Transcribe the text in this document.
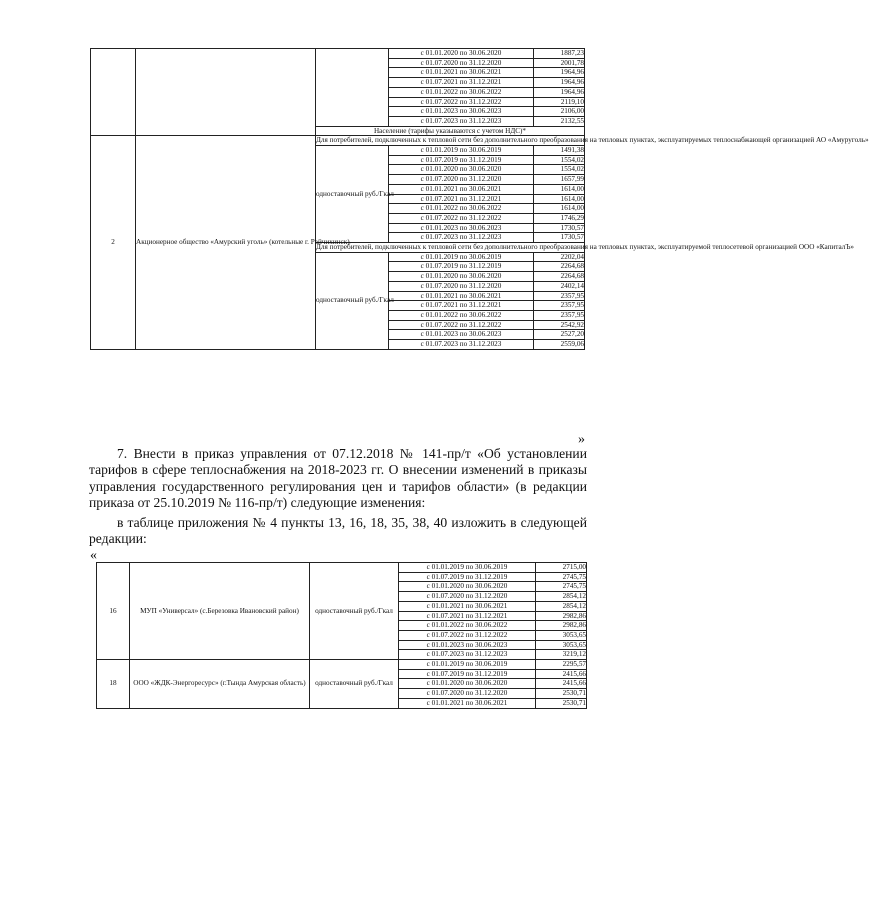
			с 01.01.2020 по 30.06.2020	1887,23
			с 01.07.2020 по 31.12.2020	2001,78
			с 01.01.2021 по 30.06.2021	1964,96
			с 01.07.2021 по 31.12.2021	1964,96
			с 01.01.2022 по 30.06.2022	1964,96
			с 01.07.2022 по 31.12.2022	2119,10
			с 01.01.2023 по 30.06.2023	2106,00
			с 01.07.2023 по 31.12.2023	2132,55
		Население (тарифы указываются с учетом НДС)*		
2	Акционерное общество «Амурский уголь» (котельные г. Райчихинск)	Для потребителей, подключенных к тепловой сети без дополнительного преобразования на тепловых пунктах, эксплуатируемых теплоснабжающей организацией АО «Амуруголь»		
		одноставочный руб./Гкал	с 01.01.2019 по 30.06.2019	1491,38
			с 01.07.2019 по 31.12.2019	1554,02
			с 01.01.2020 по 30.06.2020	1554,02
			с 01.07.2020 по 31.12.2020	1657,99
			с 01.01.2021 по 30.06.2021	1614,00
			с 01.07.2021 по 31.12.2021	1614,00
			с 01.01.2022 по 30.06.2022	1614,00
			с 01.07.2022 по 31.12.2022	1746,29
			с 01.01.2023 по 30.06.2023	1730,57
			с 01.07.2023 по 31.12.2023	1730,57
		Для потребителей, подключенных к тепловой сети без дополнительного преобразования на тепловых пунктах, эксплуатируемой теплосетевой организацией ООО «КапиталЪ»		
		одноставочный руб./Гкал	с 01.01.2019 по 30.06.2019	2202,04
			с 01.07.2019 по 31.12.2019	2264,68
			с 01.01.2020 по 30.06.2020	2264,68
			с 01.07.2020 по 31.12.2020	2402,14
			с 01.01.2021 по 30.06.2021	2357,95
			с 01.07.2021 по 31.12.2021	2357,95
			с 01.01.2022 по 30.06.2022	2357,95
			с 01.07.2022 по 31.12.2022	2542,92
			с 01.01.2023 по 30.06.2023	2527,20
			с 01.07.2023 по 31.12.2023	2559,06
»
7. Внести в приказ управления от 07.12.2018 № 141-пр/т «Об установлении тарифов в сфере теплоснабжения на 2018-2023 гг. О внесении изменений в приказы управления государственного регулирования цен и тарифов области» (в редакции приказа от 25.10.2019 № 116-пр/т) следующие изменения:
в таблице приложения № 4 пункты 13, 16, 18, 35, 38, 40 изложить в следующей редакции:
«
16	МУП «Универсал» (с.Березовка Ивановский район)	одноставочный руб./Гкал	с 01.01.2019 по 30.06.2019	2715,00
			с 01.07.2019 по 31.12.2019	2745,75
			с 01.01.2020 по 30.06.2020	2745,75
			с 01.07.2020 по 31.12.2020	2854,12
			с 01.01.2021 по 30.06.2021	2854,12
			с 01.07.2021 по 31.12.2021	2982,86
			с 01.01.2022 по 30.06.2022	2982,86
			с 01.07.2022 по 31.12.2022	3053,65
			с 01.01.2023 по 30.06.2023	3053,65
			с 01.07.2023 по 31.12.2023	3219,12
18	ООО «ЖДК-Энергоресурс» (г.Тында Амурская область)	одноставочный руб./Гкал	с 01.01.2019 по 30.06.2019	2295,57
			с 01.07.2019 по 31.12.2019	2415,66
			с 01.01.2020 по 30.06.2020	2415,66
			с 01.07.2020 по 31.12.2020	2530,71
			с 01.01.2021 по 30.06.2021	2530,71
